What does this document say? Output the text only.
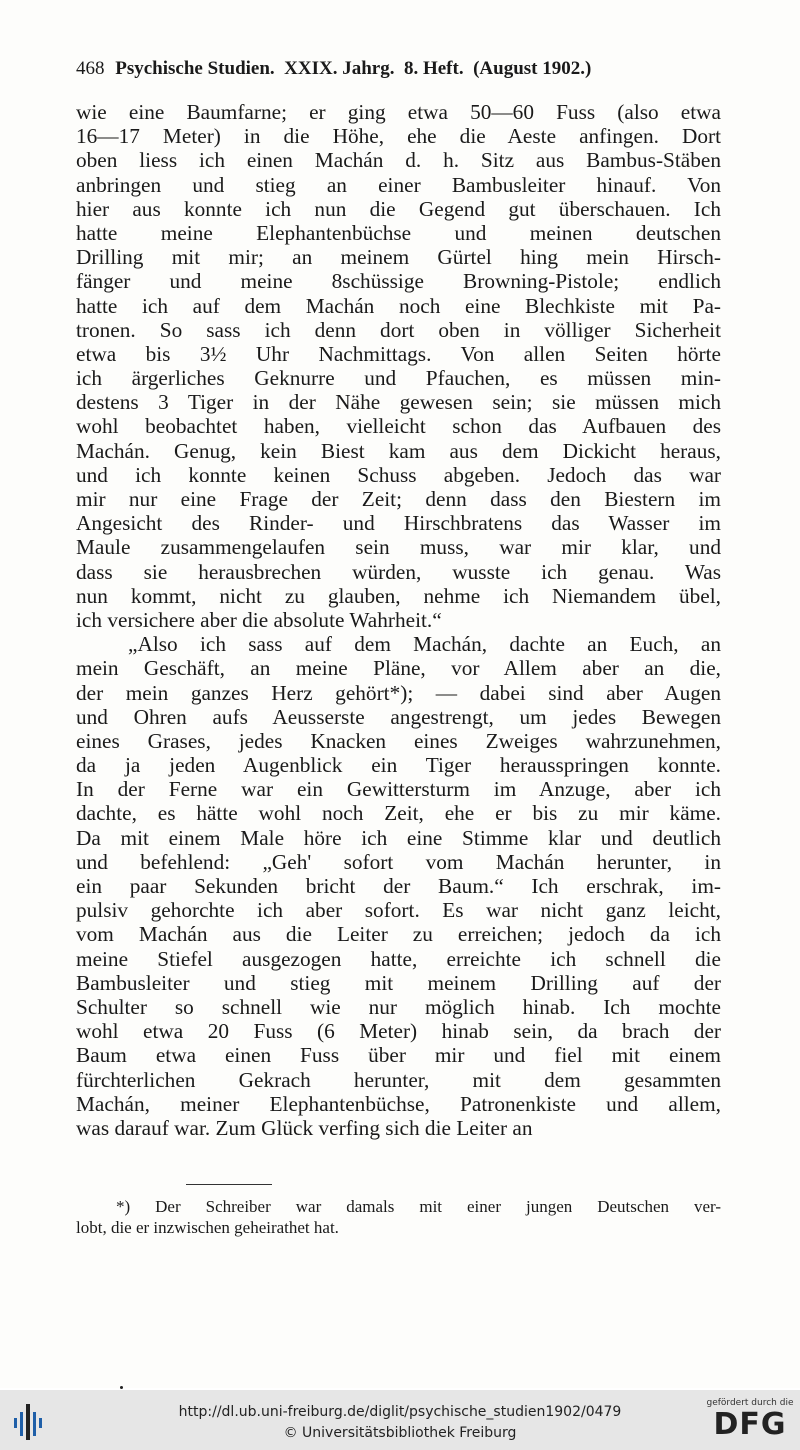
468 Psychische Studien.  XXIX. Jahrg.  8. Heft.  (August 1902.)
wie eine Baumfarne; er ging etwa 50—60 Fuss (also etwa
16—17 Meter) in die Höhe, ehe die Aeste anfingen. Dort
oben liess ich einen Machán d. h. Sitz aus Bambus-Stäben
anbringen und stieg an einer Bambusleiter hinauf. Von
hier aus konnte ich nun die Gegend gut überschauen. Ich
hatte meine Elephantenbüchse und meinen deutschen
Drilling mit mir; an meinem Gürtel hing mein Hirsch-
fänger und meine 8schüssige Browning-Pistole; endlich
hatte ich auf dem Machán noch eine Blechkiste mit Pa-
tronen. So sass ich denn dort oben in völliger Sicherheit
etwa bis 3½ Uhr Nachmittags. Von allen Seiten hörte
ich ärgerliches Geknurre und Pfauchen, es müssen min-
destens 3 Tiger in der Nähe gewesen sein; sie müssen mich
wohl beobachtet haben, vielleicht schon das Aufbauen des
Machán. Genug, kein Biest kam aus dem Dickicht heraus,
und ich konnte keinen Schuss abgeben. Jedoch das war
mir nur eine Frage der Zeit; denn dass den Biestern im
Angesicht des Rinder- und Hirschbratens das Wasser im
Maule zusammengelaufen sein muss, war mir klar, und
dass sie herausbrechen würden, wusste ich genau. Was
nun kommt, nicht zu glauben, nehme ich Niemandem übel,
ich versichere aber die absolute Wahrheit.“
„Also ich sass auf dem Machán, dachte an Euch, an
mein Geschäft, an meine Pläne, vor Allem aber an die,
der mein ganzes Herz gehört*); — dabei sind aber Augen
und Ohren aufs Aeusserste angestrengt, um jedes Bewegen
eines Grases, jedes Knacken eines Zweiges wahrzunehmen,
da ja jeden Augenblick ein Tiger herausspringen konnte.
In der Ferne war ein Gewittersturm im Anzuge, aber ich
dachte, es hätte wohl noch Zeit, ehe er bis zu mir käme.
Da mit einem Male höre ich eine Stimme klar und deutlich
und befehlend: „Geh' sofort vom Machán herunter, in
ein paar Sekunden bricht der Baum.“ Ich erschrak, im-
pulsiv gehorchte ich aber sofort. Es war nicht ganz leicht,
vom Machán aus die Leiter zu erreichen; jedoch da ich
meine Stiefel ausgezogen hatte, erreichte ich schnell die
Bambusleiter und stieg mit meinem Drilling auf der
Schulter so schnell wie nur möglich hinab. Ich mochte
wohl etwa 20 Fuss (6 Meter) hinab sein, da brach der
Baum etwa einen Fuss über mir und fiel mit einem
fürchterlichen Gekrach herunter, mit dem gesammten
Machán, meiner Elephantenbüchse, Patronenkiste und allem,
was darauf war. Zum Glück verfing sich die Leiter an
*) Der Schreiber war damals mit einer jungen Deutschen ver-
lobt, die er inzwischen geheirathet hat.
http://dl.ub.uni-freiburg.de/diglit/psychische_studien1902/0479
© Universitätsbibliothek Freiburg
gefördert durch die
DFG
